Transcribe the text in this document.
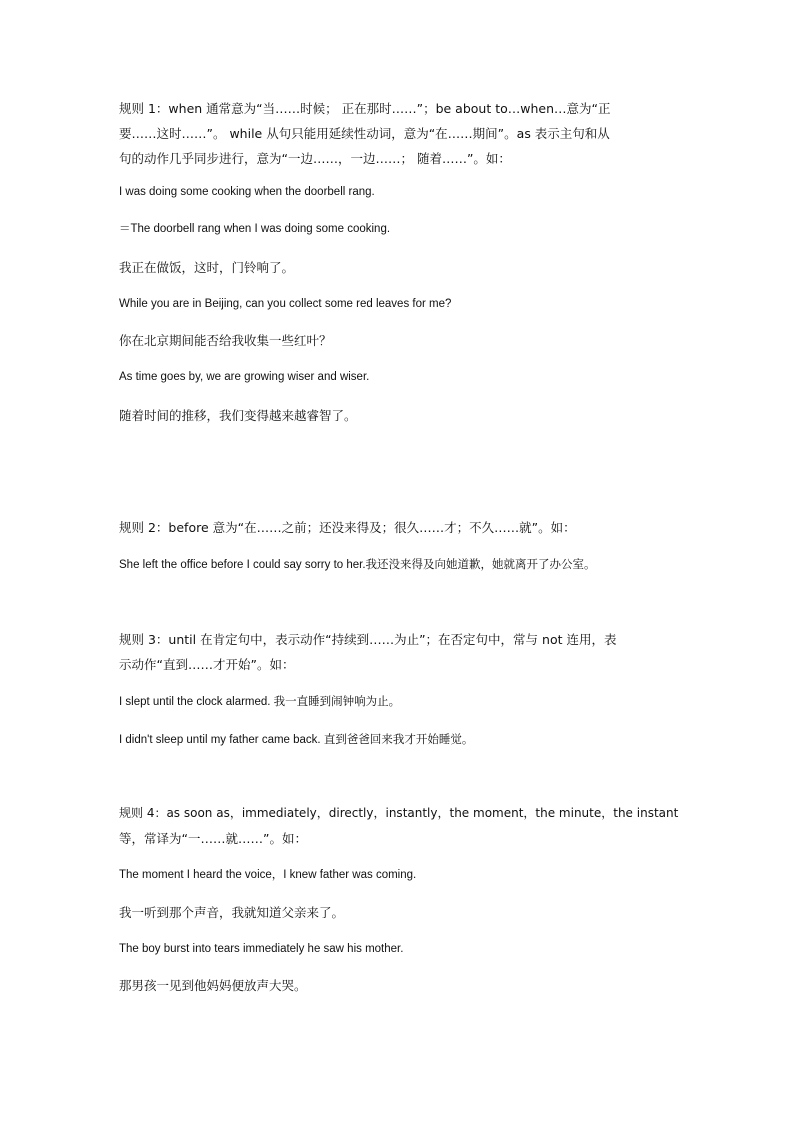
规则 1：when 通常意为“当……时候； 正在那时……”；be about to…when…意为“正
要……这时……”。 while 从句只能用延续性动词，意为“在……期间”。as 表示主句和从
句的动作几乎同步进行，意为“一边……，一边……； 随着……”。如：
I was doing some cooking when the doorbell rang.
＝The doorbell rang when I was doing some cooking.
我正在做饭，这时，门铃响了。
While you are in Beijing, can you collect some red leaves for me?
你在北京期间能否给我收集一些红叶？
As time goes by, we are growing wiser and wiser.
随着时间的推移，我们变得越来越睿智了。
规则 2：before 意为“在……之前；还没来得及；很久……才；不久……就”。如：
She left the office before I could say sorry to her.我还没来得及向她道歉，她就离开了办公室。
规则 3：until 在肯定句中，表示动作“持续到……为止”；在否定句中，常与 not 连用，表
示动作“直到……才开始”。如：
I slept until the clock alarmed. 我一直睡到闹钟响为止。
I didn't sleep until my father came back. 直到爸爸回来我才开始睡觉。
规则 4：as soon as，immediately，directly，instantly，the moment，the minute，the instant
等，常译为“一……就……”。如：
The moment I heard the voice，I knew father was coming.
我一听到那个声音，我就知道父亲来了。
The boy burst into tears immediately he saw his mother.
那男孩一见到他妈妈便放声大哭。
